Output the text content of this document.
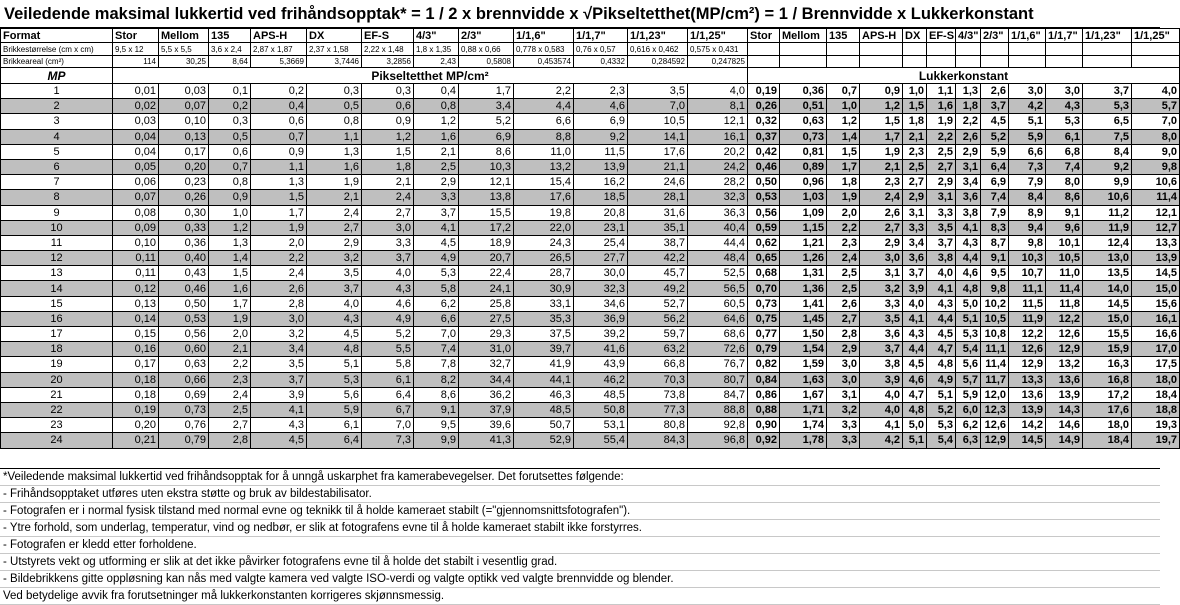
Veiledende maksimal lukkertid ved frihåndsopptak* = 1 / 2 x brennvidde x √Pikseltetthet(MP/cm²) = 1 / Brennvidde x Lukkerkonstant
Format	Stor	Mellom	135	APS-H	DX	EF-S	4/3"	2/3"	1/1,6"	1/1,7"	1/1,23"	1/1,25"	Stor	Mellom	135	APS-H	DX	EF-S	4/3"	2/3"	1/1,6"	1/1,7"	1/1,23"	1/1,25"
Brikkestørrelse (cm x cm)	9,5 x 12	5,5 x 5,5	3,6 x 2,4	2,87 x 1,87	2,37 x 1,58	2,22 x 1,48	1,8 x 1,35	0,88 x 0,66	0,778 x 0,583	0,76 x 0,57	0,616 x 0,462	0,575 x 0,431												
Brikkeareal (cm²)	114	30,25	8,64	5,3669	3,7446	3,2856	2,43	0,5808	0,453574	0,4332	0,284592	0,247825												
MP	Pikseltetthet MP/cm²												Lukkerkonstant											
1	0,01	0,03	0,1	0,2	0,3	0,3	0,4	1,7	2,2	2,3	3,5	4,0	0,19	0,36	0,7	0,9	1,0	1,1	1,3	2,6	3,0	3,0	3,7	4,0
2	0,02	0,07	0,2	0,4	0,5	0,6	0,8	3,4	4,4	4,6	7,0	8,1	0,26	0,51	1,0	1,2	1,5	1,6	1,8	3,7	4,2	4,3	5,3	5,7
3	0,03	0,10	0,3	0,6	0,8	0,9	1,2	5,2	6,6	6,9	10,5	12,1	0,32	0,63	1,2	1,5	1,8	1,9	2,2	4,5	5,1	5,3	6,5	7,0
4	0,04	0,13	0,5	0,7	1,1	1,2	1,6	6,9	8,8	9,2	14,1	16,1	0,37	0,73	1,4	1,7	2,1	2,2	2,6	5,2	5,9	6,1	7,5	8,0
5	0,04	0,17	0,6	0,9	1,3	1,5	2,1	8,6	11,0	11,5	17,6	20,2	0,42	0,81	1,5	1,9	2,3	2,5	2,9	5,9	6,6	6,8	8,4	9,0
6	0,05	0,20	0,7	1,1	1,6	1,8	2,5	10,3	13,2	13,9	21,1	24,2	0,46	0,89	1,7	2,1	2,5	2,7	3,1	6,4	7,3	7,4	9,2	9,8
7	0,06	0,23	0,8	1,3	1,9	2,1	2,9	12,1	15,4	16,2	24,6	28,2	0,50	0,96	1,8	2,3	2,7	2,9	3,4	6,9	7,9	8,0	9,9	10,6
8	0,07	0,26	0,9	1,5	2,1	2,4	3,3	13,8	17,6	18,5	28,1	32,3	0,53	1,03	1,9	2,4	2,9	3,1	3,6	7,4	8,4	8,6	10,6	11,4
9	0,08	0,30	1,0	1,7	2,4	2,7	3,7	15,5	19,8	20,8	31,6	36,3	0,56	1,09	2,0	2,6	3,1	3,3	3,8	7,9	8,9	9,1	11,2	12,1
10	0,09	0,33	1,2	1,9	2,7	3,0	4,1	17,2	22,0	23,1	35,1	40,4	0,59	1,15	2,2	2,7	3,3	3,5	4,1	8,3	9,4	9,6	11,9	12,7
11	0,10	0,36	1,3	2,0	2,9	3,3	4,5	18,9	24,3	25,4	38,7	44,4	0,62	1,21	2,3	2,9	3,4	3,7	4,3	8,7	9,8	10,1	12,4	13,3
12	0,11	0,40	1,4	2,2	3,2	3,7	4,9	20,7	26,5	27,7	42,2	48,4	0,65	1,26	2,4	3,0	3,6	3,8	4,4	9,1	10,3	10,5	13,0	13,9
13	0,11	0,43	1,5	2,4	3,5	4,0	5,3	22,4	28,7	30,0	45,7	52,5	0,68	1,31	2,5	3,1	3,7	4,0	4,6	9,5	10,7	11,0	13,5	14,5
14	0,12	0,46	1,6	2,6	3,7	4,3	5,8	24,1	30,9	32,3	49,2	56,5	0,70	1,36	2,5	3,2	3,9	4,1	4,8	9,8	11,1	11,4	14,0	15,0
15	0,13	0,50	1,7	2,8	4,0	4,6	6,2	25,8	33,1	34,6	52,7	60,5	0,73	1,41	2,6	3,3	4,0	4,3	5,0	10,2	11,5	11,8	14,5	15,6
16	0,14	0,53	1,9	3,0	4,3	4,9	6,6	27,5	35,3	36,9	56,2	64,6	0,75	1,45	2,7	3,5	4,1	4,4	5,1	10,5	11,9	12,2	15,0	16,1
17	0,15	0,56	2,0	3,2	4,5	5,2	7,0	29,3	37,5	39,2	59,7	68,6	0,77	1,50	2,8	3,6	4,3	4,5	5,3	10,8	12,2	12,6	15,5	16,6
18	0,16	0,60	2,1	3,4	4,8	5,5	7,4	31,0	39,7	41,6	63,2	72,6	0,79	1,54	2,9	3,7	4,4	4,7	5,4	11,1	12,6	12,9	15,9	17,0
19	0,17	0,63	2,2	3,5	5,1	5,8	7,8	32,7	41,9	43,9	66,8	76,7	0,82	1,59	3,0	3,8	4,5	4,8	5,6	11,4	12,9	13,2	16,3	17,5
20	0,18	0,66	2,3	3,7	5,3	6,1	8,2	34,4	44,1	46,2	70,3	80,7	0,84	1,63	3,0	3,9	4,6	4,9	5,7	11,7	13,3	13,6	16,8	18,0
21	0,18	0,69	2,4	3,9	5,6	6,4	8,6	36,2	46,3	48,5	73,8	84,7	0,86	1,67	3,1	4,0	4,7	5,1	5,9	12,0	13,6	13,9	17,2	18,4
22	0,19	0,73	2,5	4,1	5,9	6,7	9,1	37,9	48,5	50,8	77,3	88,8	0,88	1,71	3,2	4,0	4,8	5,2	6,0	12,3	13,9	14,3	17,6	18,8
23	0,20	0,76	2,7	4,3	6,1	7,0	9,5	39,6	50,7	53,1	80,8	92,8	0,90	1,74	3,3	4,1	5,0	5,3	6,2	12,6	14,2	14,6	18,0	19,3
24	0,21	0,79	2,8	4,5	6,4	7,3	9,9	41,3	52,9	55,4	84,3	96,8	0,92	1,78	3,3	4,2	5,1	5,4	6,3	12,9	14,5	14,9	18,4	19,7
*Veiledende maksimal lukkertid ved frihåndsopptak for å unngå uskarphet fra kamerabevegelser. Det forutsettes følgende:
- Frihåndsopptaket utføres uten ekstra støtte og bruk av bildestabilisator.
- Fotografen er i normal fysisk tilstand med normal evne og teknikk til å holde kameraet stabilt (="gjennomsnittsfotografen").
- Ytre forhold, som underlag, temperatur, vind og nedbør, er slik at fotografens evne til å holde kameraet stabilt ikke forstyrres.
- Fotografen er kledd etter forholdene.
- Utstyrets vekt og utforming er slik at det ikke påvirker fotografens evne til å holde det stabilt i vesentlig grad.
- Bildebrikkens gitte oppløsning kan nås med valgte kamera ved valgte ISO-verdi og valgte optikk ved valgte brennvidde og blender.
Ved betydelige avvik fra forutsetninger må lukkerkonstanten korrigeres skjønnsmessig.
